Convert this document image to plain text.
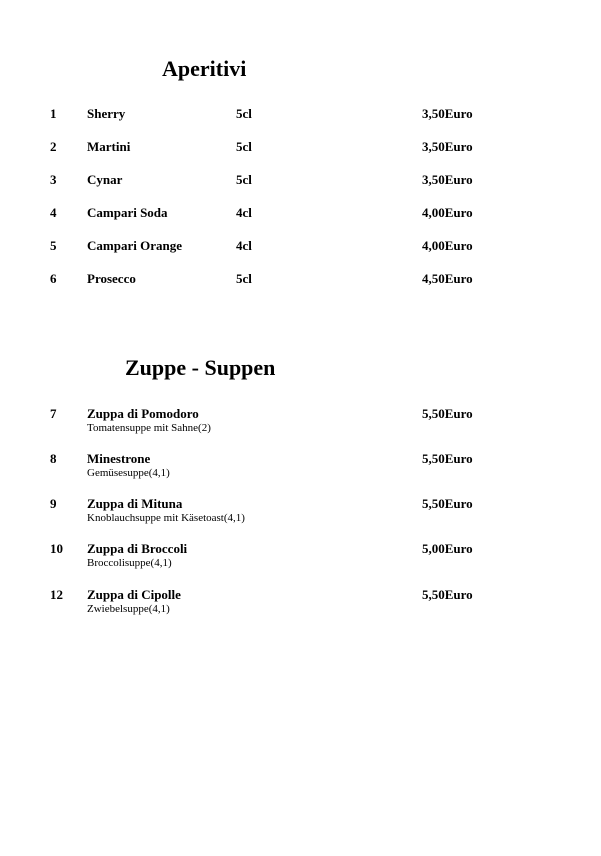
Aperitivi
1 Sherry	5cl	3,50Euro
2 Martini	5cl	3,50Euro
3 Cynar	5cl	3,50Euro
4 Campari Soda	4cl	4,00Euro
5 Campari Orange	4cl	4,00Euro
6 Prosecco	5cl	4,50Euro
Zuppe - Suppen
7 Zuppa di Pomodoro	5,50Euro
Tomatensuppe mit Sahne(2)
8 Minestrone	5,50Euro
Gemüsesuppe(4,1)
9 Zuppa di Mituna	5,50Euro
Knoblauchsuppe mit Käsetoast(4,1)
10 Zuppa di Broccoli	5,00Euro
Broccolisuppe(4,1)
12 Zuppa di Cipolle	5,50Euro
Zwiebelsuppe(4,1)
